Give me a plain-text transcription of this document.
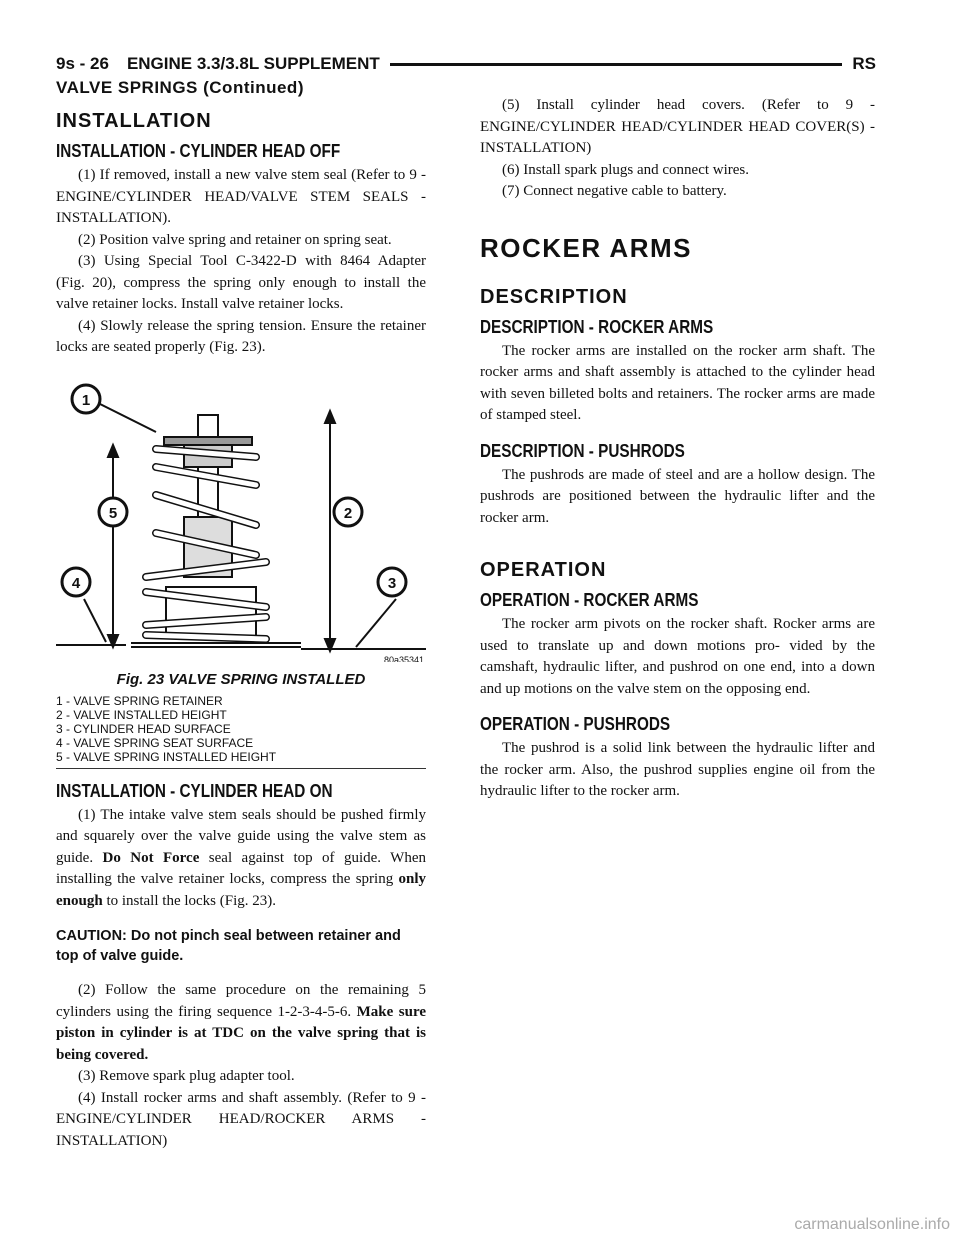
9s - 26 ENGINE 3.3/3.8L SUPPLEMENT	RS
VALVE SPRINGS (Continued)
INSTALLATION
INSTALLATION - CYLINDER HEAD OFF

(1) If removed, install a new valve stem seal (Refer to 9 - ENGINE/CYLINDER HEAD/VALVE STEM SEALS - INSTALLATION).

(2) Position valve spring and retainer on spring seat.

(3) Using Special Tool C-3422-D with 8464 Adapter (Fig. 20), compress the spring only enough to install the valve retainer locks. Install valve retainer locks.

(4) Slowly release the spring tension. Ensure the retainer locks are seated properly (Fig. 23).

1
2
3
4
5
80a35341
Fig. 23 VALVE SPRING INSTALLED
1 - VALVE SPRING RETAINER
2 - VALVE INSTALLED HEIGHT
3 - CYLINDER HEAD SURFACE
4 - VALVE SPRING SEAT SURFACE
5 - VALVE SPRING INSTALLED HEIGHT
INSTALLATION - CYLINDER HEAD ON

(1) The intake valve stem seals should be pushed firmly and squarely over the valve guide using the valve stem as guide. Do Not Force seal against top of guide. When installing the valve retainer locks, compress the spring only enough to install the locks (Fig. 23).

CAUTION: Do not pinch seal between retainer and top of valve guide.

(2) Follow the same procedure on the remaining 5 cylinders using the firing sequence 1-2-3-4-5-6. Make sure piston in cylinder is at TDC on the valve spring that is being covered.

(3) Remove spark plug adapter tool.

(4) Install rocker arms and shaft assembly. (Refer to 9 - ENGINE/CYLINDER HEAD/ROCKER ARMS - INSTALLATION)

(5) Install cylinder head covers. (Refer to 9 - ENGINE/CYLINDER HEAD/CYLINDER HEAD COVER(S) - INSTALLATION)

(6) Install spark plugs and connect wires.

(7) Connect negative cable to battery.

ROCKER ARMS
DESCRIPTION
DESCRIPTION - ROCKER ARMS

The rocker arms are installed on the rocker arm shaft. The rocker arms and shaft assembly is attached to the cylinder head with seven billeted bolts and retainers. The rocker arms are made of stamped steel.

DESCRIPTION - PUSHRODS

The pushrods are made of steel and are a hollow design. The pushrods are positioned between the hydraulic lifter and the rocker arm.

OPERATION
OPERATION - ROCKER ARMS

The rocker arm pivots on the rocker shaft. Rocker arms are used to translate up and down motions pro- vided by the camshaft, hydraulic lifter, and pushrod on one end, into a down and up motions on the valve stem on the opposing end.

OPERATION - PUSHRODS

The pushrod is a solid link between the hydraulic lifter and the rocker arm. Also, the pushrod supplies engine oil from the hydraulic lifter to the rocker arm.

carmanualsonline.info
